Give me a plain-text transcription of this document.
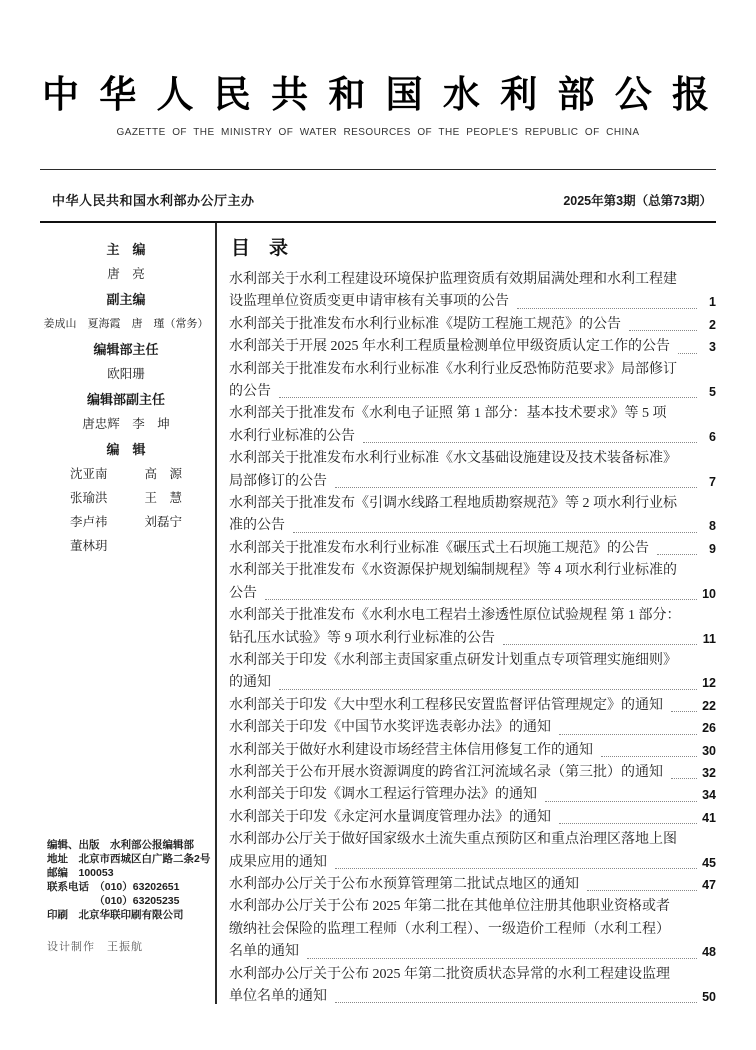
中 华 人 民 共 和 国 水 利 部 公 报
GAZETTE  OF  THE  MINISTRY  OF  WATER  RESOURCES  OF  THE  PEOPLE'S  REPUBLIC  OF  CHINA
中华人民共和国水利部办公厅主办	2025年第3期（总第73期）
主　编
唐　亮
副主编
姜成山　夏海霞　唐　瑾（常务）
编辑部主任
欧阳珊
编辑部副主任
唐忠辉　李　坤
编　辑
沈亚南	高　源
张瑜洪	王　慧
李卢祎	刘磊宁
董林玥
编辑、出版　水利部公报编辑部
地址　北京市西城区白广路二条2号
邮编　100053
联系电话　（010）63202651
　　　　　（010）63205235
印刷　北京华联印刷有限公司
设计制作　王振航
目　录
水利部关于水利工程建设环境保护监理资质有效期届满处理和水利工程建
设监理单位资质变更申请审核有关事项的公告	1
水利部关于批准发布水利行业标准《堤防工程施工规范》的公告	2
水利部关于开展 2025 年水利工程质量检测单位甲级资质认定工作的公告	3
水利部关于批准发布水利行业标准《水利行业反恐怖防范要求》局部修订
的公告	5
水利部关于批准发布《水利电子证照 第 1 部分：基本技术要求》等 5 项
水利行业标准的公告	6
水利部关于批准发布水利行业标准《水文基础设施建设及技术装备标准》
局部修订的公告	7
水利部关于批准发布《引调水线路工程地质勘察规范》等 2 项水利行业标
准的公告	8
水利部关于批准发布水利行业标准《碾压式土石坝施工规范》的公告	9
水利部关于批准发布《水资源保护规划编制规程》等 4 项水利行业标准的
公告	10
水利部关于批准发布《水利水电工程岩土渗透性原位试验规程 第 1 部分：
钻孔压水试验》等 9 项水利行业标准的公告	11
水利部关于印发《水利部主责国家重点研发计划重点专项管理实施细则》
的通知	12
水利部关于印发《大中型水利工程移民安置监督评估管理规定》的通知	22
水利部关于印发《中国节水奖评选表彰办法》的通知	26
水利部关于做好水利建设市场经营主体信用修复工作的通知	30
水利部关于公布开展水资源调度的跨省江河流域名录（第三批）的通知	32
水利部关于印发《调水工程运行管理办法》的通知	34
水利部关于印发《永定河水量调度管理办法》的通知	41
水利部办公厅关于做好国家级水土流失重点预防区和重点治理区落地上图
成果应用的通知	45
水利部办公厅关于公布水预算管理第二批试点地区的通知	47
水利部办公厅关于公布 2025 年第二批在其他单位注册其他职业资格或者
缴纳社会保险的监理工程师（水利工程）、一级造价工程师（水利工程）
名单的通知	48
水利部办公厅关于公布 2025 年第二批资质状态异常的水利工程建设监理
单位名单的通知	50
